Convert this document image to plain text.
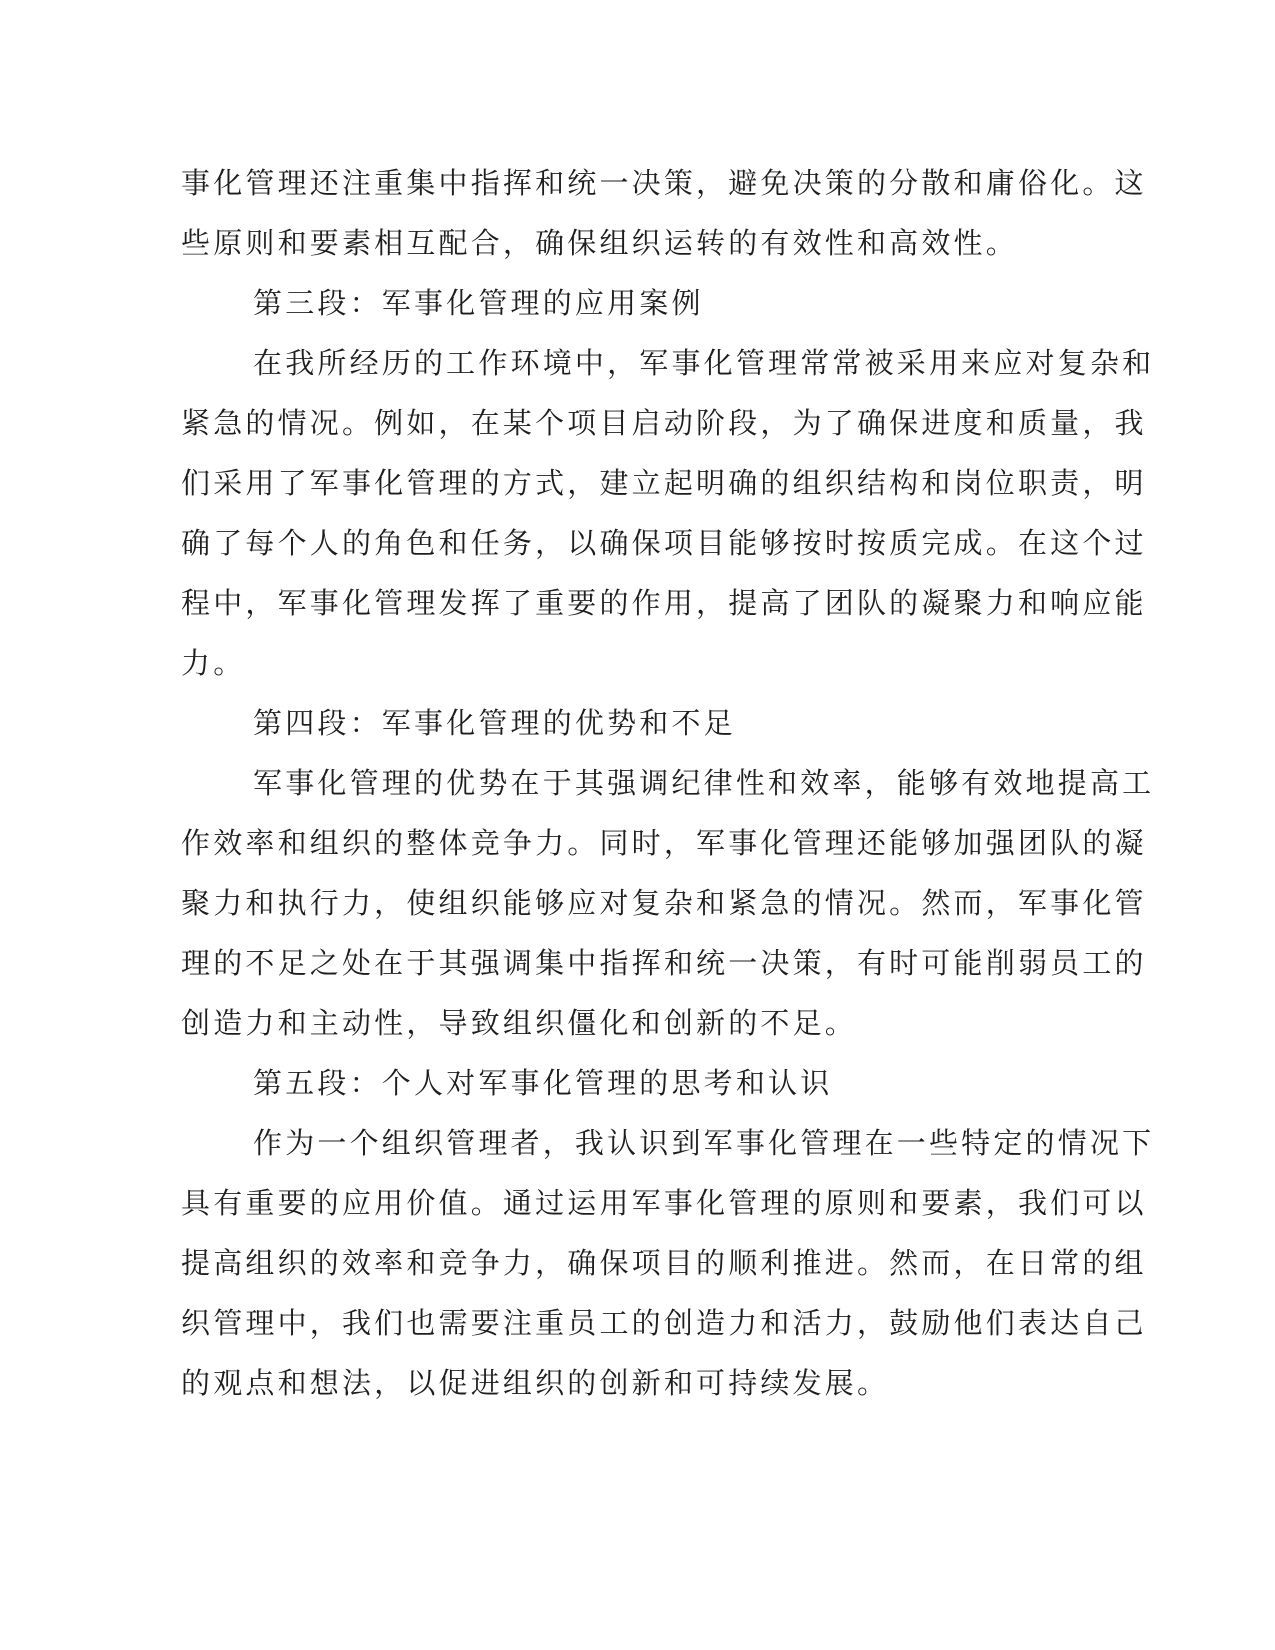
事化管理还注重集中指挥和统一决策，避免决策的分散和庸俗化。这
些原则和要素相互配合，确保组织运转的有效性和高效性。
第三段：军事化管理的应用案例
在我所经历的工作环境中，军事化管理常常被采用来应对复杂和
紧急的情况。例如，在某个项目启动阶段，为了确保进度和质量，我
们采用了军事化管理的方式，建立起明确的组织结构和岗位职责，明
确了每个人的角色和任务，以确保项目能够按时按质完成。在这个过
程中，军事化管理发挥了重要的作用，提高了团队的凝聚力和响应能
力。
第四段：军事化管理的优势和不足
军事化管理的优势在于其强调纪律性和效率，能够有效地提高工
作效率和组织的整体竞争力。同时，军事化管理还能够加强团队的凝
聚力和执行力，使组织能够应对复杂和紧急的情况。然而，军事化管
理的不足之处在于其强调集中指挥和统一决策，有时可能削弱员工的
创造力和主动性，导致组织僵化和创新的不足。
第五段：个人对军事化管理的思考和认识
作为一个组织管理者，我认识到军事化管理在一些特定的情况下
具有重要的应用价值。通过运用军事化管理的原则和要素，我们可以
提高组织的效率和竞争力，确保项目的顺利推进。然而，在日常的组
织管理中，我们也需要注重员工的创造力和活力，鼓励他们表达自己
的观点和想法，以促进组织的创新和可持续发展。
